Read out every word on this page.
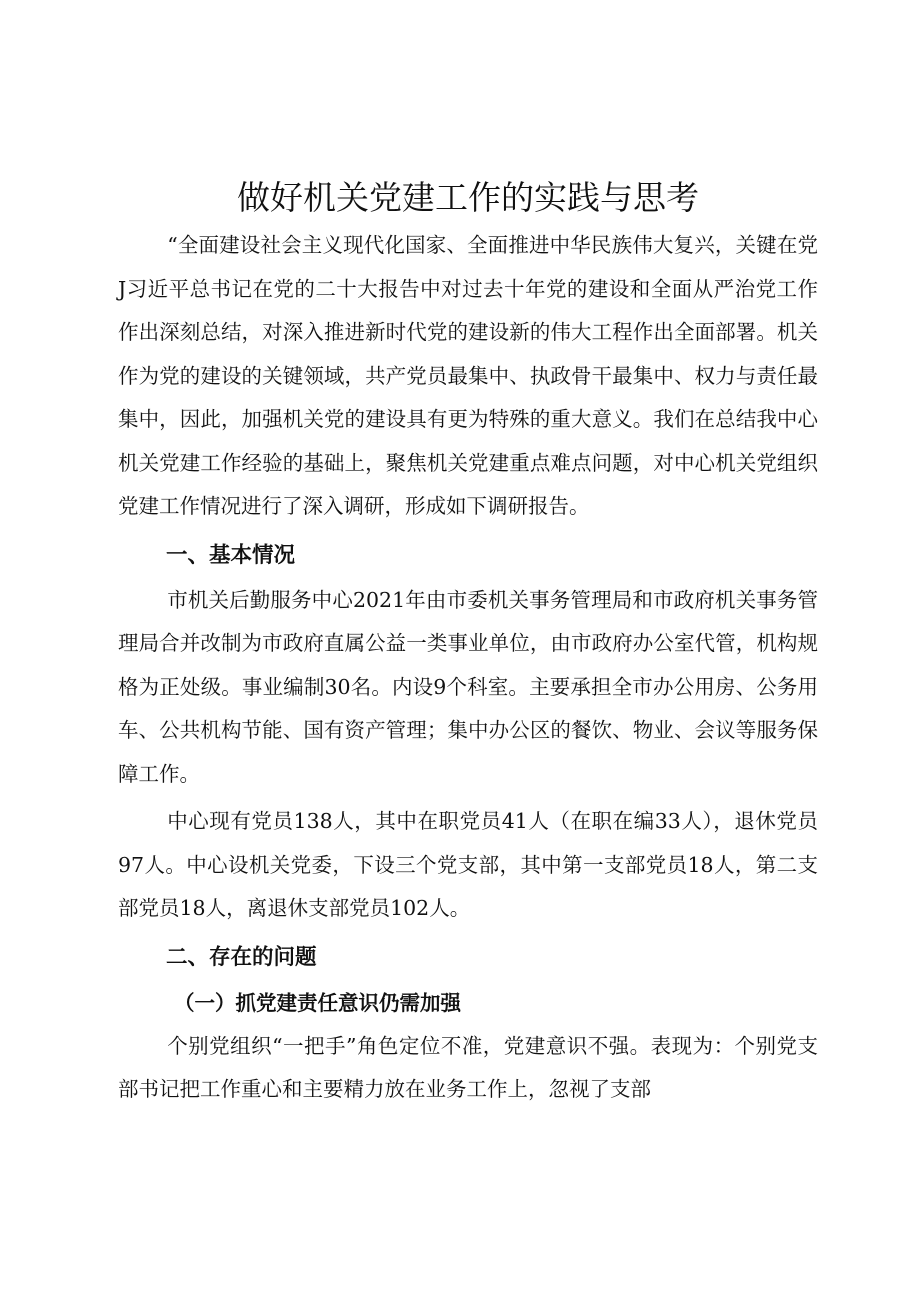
做好机关党建工作的实践与思考

“全面建设社会主义现代化国家、全面推进中华民族伟大复兴，关键在党J习近平总书记在党的二十大报告中对过去十年党的建设和全面从严治党工作作出深刻总结，对深入推进新时代党的建设新的伟大工程作出全面部署。机关作为党的建设的关键领域，共产党员最集中、执政骨干最集中、权力与责任最集中，因此，加强机关党的建设具有更为特殊的重大意义。我们在总结我中心机关党建工作经验的基础上，聚焦机关党建重点难点问题，对中心机关党组织党建工作情况进行了深入调研，形成如下调研报告。

一、基本情况

市机关后勤服务中心2021年由市委机关事务管理局和市政府机关事务管理局合并改制为市政府直属公益一类事业单位，由市政府办公室代管，机构规格为正处级。事业编制30名。内设9个科室。主要承担全市办公用房、公务用车、公共机构节能、国有资产管理；集中办公区的餐饮、物业、会议等服务保障工作。

中心现有党员138人，其中在职党员41人（在职在编33人），退休党员97人。中心设机关党委，下设三个党支部，其中第一支部党员18人，第二支部党员18人，离退休支部党员102人。

二、存在的问题
（一）抓党建责任意识仍需加强

个别党组织“一把手”角色定位不准，党建意识不强。表现为：个别党支部书记把工作重心和主要精力放在业务工作上，忽视了支部
